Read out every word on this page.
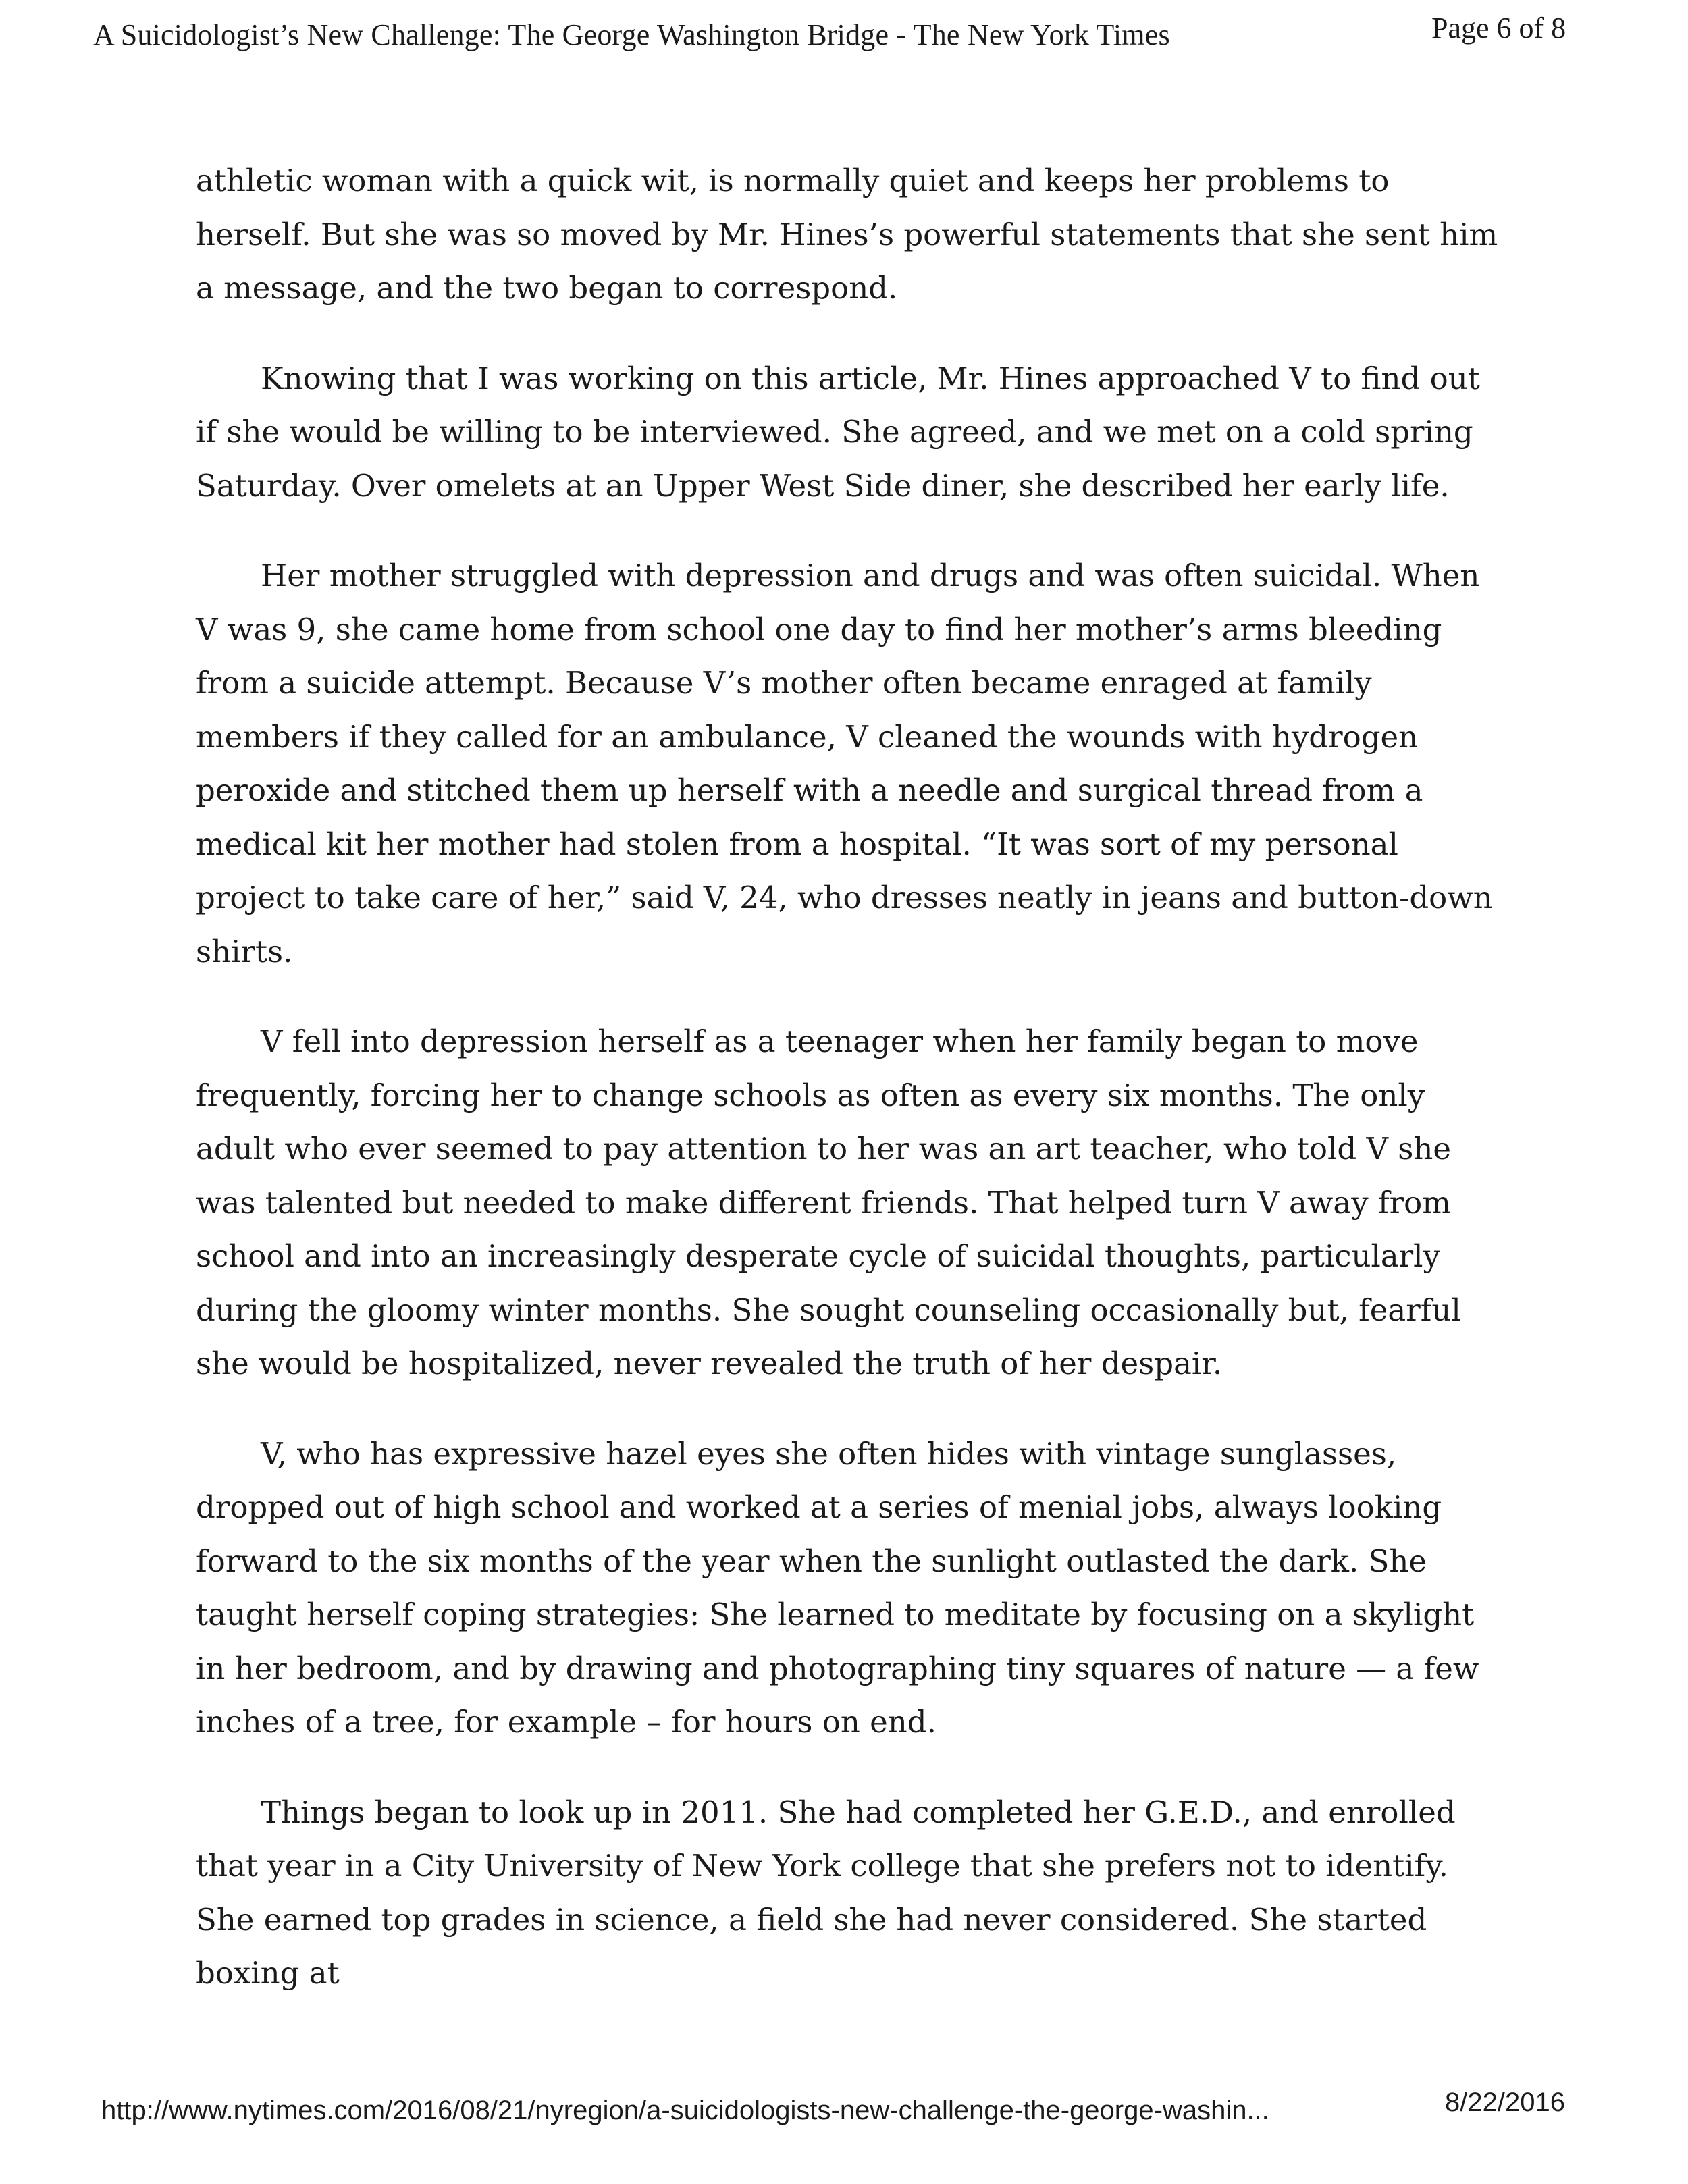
A Suicidologist’s New Challenge: The George Washington Bridge - The New York Times	Page 6 of 8

athletic woman with a quick wit, is normally quiet and keeps her problems to herself. But she was so moved by Mr. Hines’s powerful statements that she sent him a message, and the two began to correspond.

Knowing that I was working on this article, Mr. Hines approached V to find out if she would be willing to be interviewed. She agreed, and we met on a cold spring Saturday. Over omelets at an Upper West Side diner, she described her early life.

Her mother struggled with depression and drugs and was often suicidal. When V was 9, she came home from school one day to find her mother’s arms bleeding from a suicide attempt. Because V’s mother often became enraged at family members if they called for an ambulance, V cleaned the wounds with hydrogen peroxide and stitched them up herself with a needle and surgical thread from a medical kit her mother had stolen from a hospital. “It was sort of my personal project to take care of her,” said V, 24, who dresses neatly in jeans and button-down shirts.

V fell into depression herself as a teenager when her family began to move frequently, forcing her to change schools as often as every six months. The only adult who ever seemed to pay attention to her was an art teacher, who told V she was talented but needed to make different friends. That helped turn V away from school and into an increasingly desperate cycle of suicidal thoughts, particularly during the gloomy winter months. She sought counseling occasionally but, fearful she would be hospitalized, never revealed the truth of her despair.

V, who has expressive hazel eyes she often hides with vintage sunglasses, dropped out of high school and worked at a series of menial jobs, always looking forward to the six months of the year when the sunlight outlasted the dark. She taught herself coping strategies: She learned to meditate by focusing on a skylight in her bedroom, and by drawing and photographing tiny squares of nature — a few inches of a tree, for example – for hours on end.

Things began to look up in 2011. She had completed her G.E.D., and enrolled that year in a City University of New York college that she prefers not to identify. She earned top grades in science, a field she had never considered. She started boxing at

http://www.nytimes.com/2016/08/21/nyregion/a-suicidologists-new-challenge-the-george-washin...	8/22/2016
